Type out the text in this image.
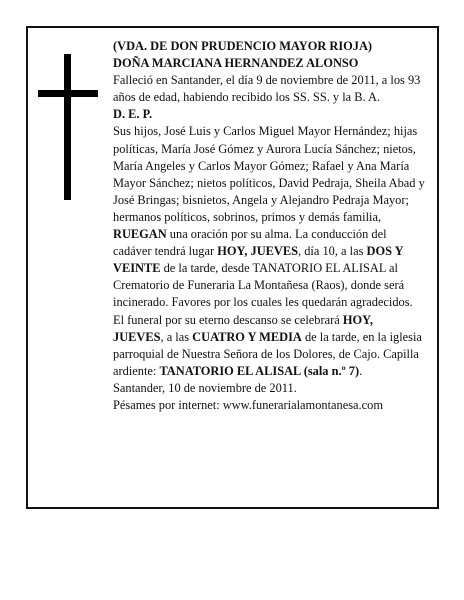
(VDA. DE DON PRUDENCIO MAYOR RIOJA)

DOÑA MARCIANA HERNANDEZ ALONSO

Falleció en Santander, el día 9 de noviembre de 2011, a los 93 años de edad, habiendo recibido los SS. SS. y la B. A.

D. E. P.

Sus hijos, José Luis y Carlos Miguel Mayor Hernández; hijas políticas, María José Gómez y Aurora Lucía Sánchez; nietos, María Angeles y Carlos Mayor Gómez; Rafael y Ana María Mayor Sánchez; nietos políticos, David Pedraja, Sheila Abad y José Bringas; bisnietos, Angela y Alejandro Pedraja Mayor; hermanos políticos, sobrinos, primos y demás familia,

RUEGAN una oración por su alma. La conducción del cadáver tendrá lugar HOY, JUEVES, día 10, a las DOS Y VEINTE de la tarde, desde TANATORIO EL ALISAL al Crematorio de Funeraria La Montañesa (Raos), donde será incinerado. Favores por los cuales les quedarán agradecidos. El funeral por su eterno descanso se celebrará HOY, JUEVES, a las CUATRO Y MEDIA de la tarde, en la iglesia parroquial de Nuestra Señora de los Dolores, de Cajo. Capilla ardiente: TANATORIO EL ALISAL (sala n.º 7).

Santander, 10 de noviembre de 2011.

Pésames por internet: www.funerarialamontanesa.com
